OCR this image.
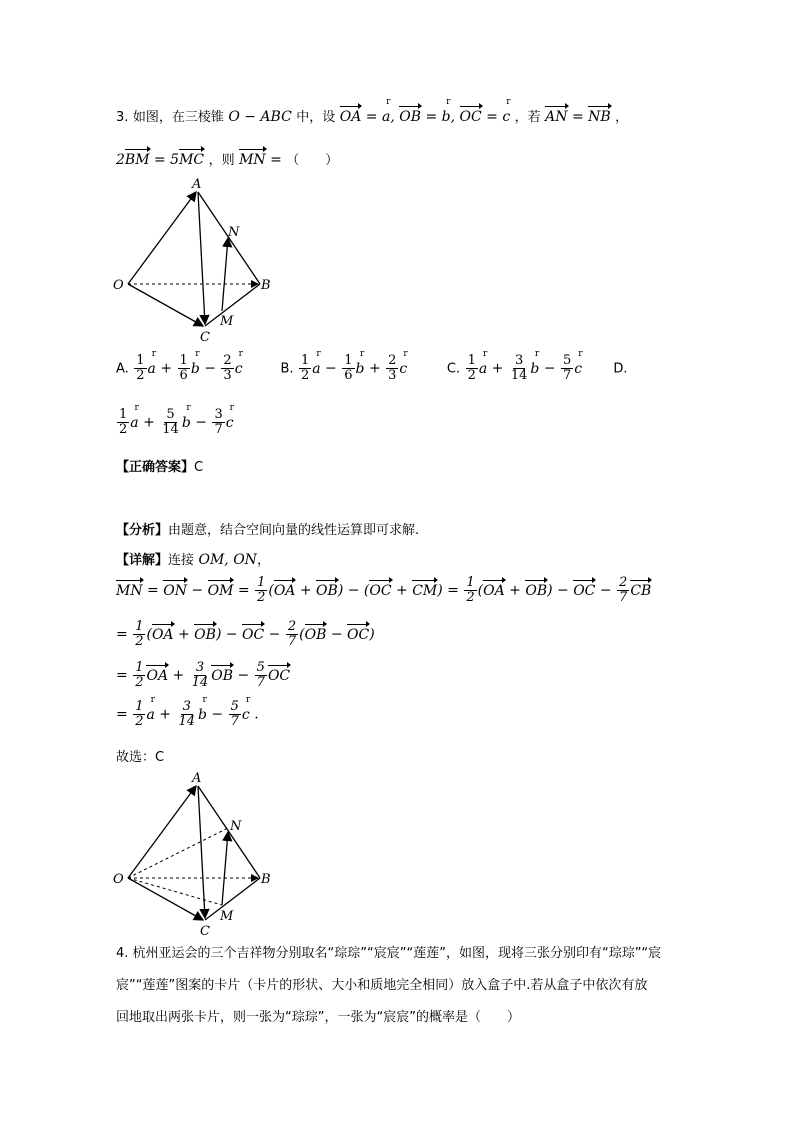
3. 如图，在三棱锥 O − ABC 中，设 OA = r a, OB = r b, OC = r c ，若 AN = NB ，
2BM = 5MC ，则 MN = （　　）
A
O	B
C
N
M
A. $\frac{1}{2}$ r $a + \frac{1}{6}$ r $b - \frac{2}{3}$ r c	B. $\frac{1}{2}$ r $a - \frac{1}{6}$ r $b + \frac{2}{3}$ r c	C. $\frac{1}{2}$ r $a + \frac{3}{14}$ r $b - \frac{5}{7}$ r c D.
$\frac{1}{2}$ r $a + \frac{5}{14}$ r $b - \frac{3}{7}$ r c
【正确答案】C
【分析】由题意，结合空间向量的线性运算即可求解.
【详解】连接 OM, ON，
MN = ON − OM = $\frac{1}{2} (OA + OB) - (OC + CM) = \frac{1}{2} (OA + OB)$ − OC − $\frac{2}{7}$ CB
= $\frac{1}{2} (OA + OB)$ − OC − $\frac{2}{7} (OB - OC)$
= $\frac{1}{2}$ OA + $\frac{3}{14}$ OB − $\frac{5}{7}$ OC
= $\frac{1}{2}$ r $a + \frac{3}{14}$ r $b - \frac{5}{7}$ r c .
故选：C
A
O	B
C
N
M
4. 杭州亚运会的三个吉祥物分别取名“琮琮”“宸宸”“莲莲”，如图，现将三张分别印有“琮琮”“宸
宸”“莲莲”图案的卡片（卡片的形状、大小和质地完全相同）放入盒子中.若从盒子中依次有放
回地取出两张卡片，则一张为“琮琮”，一张为“宸宸”的概率是（　　）
